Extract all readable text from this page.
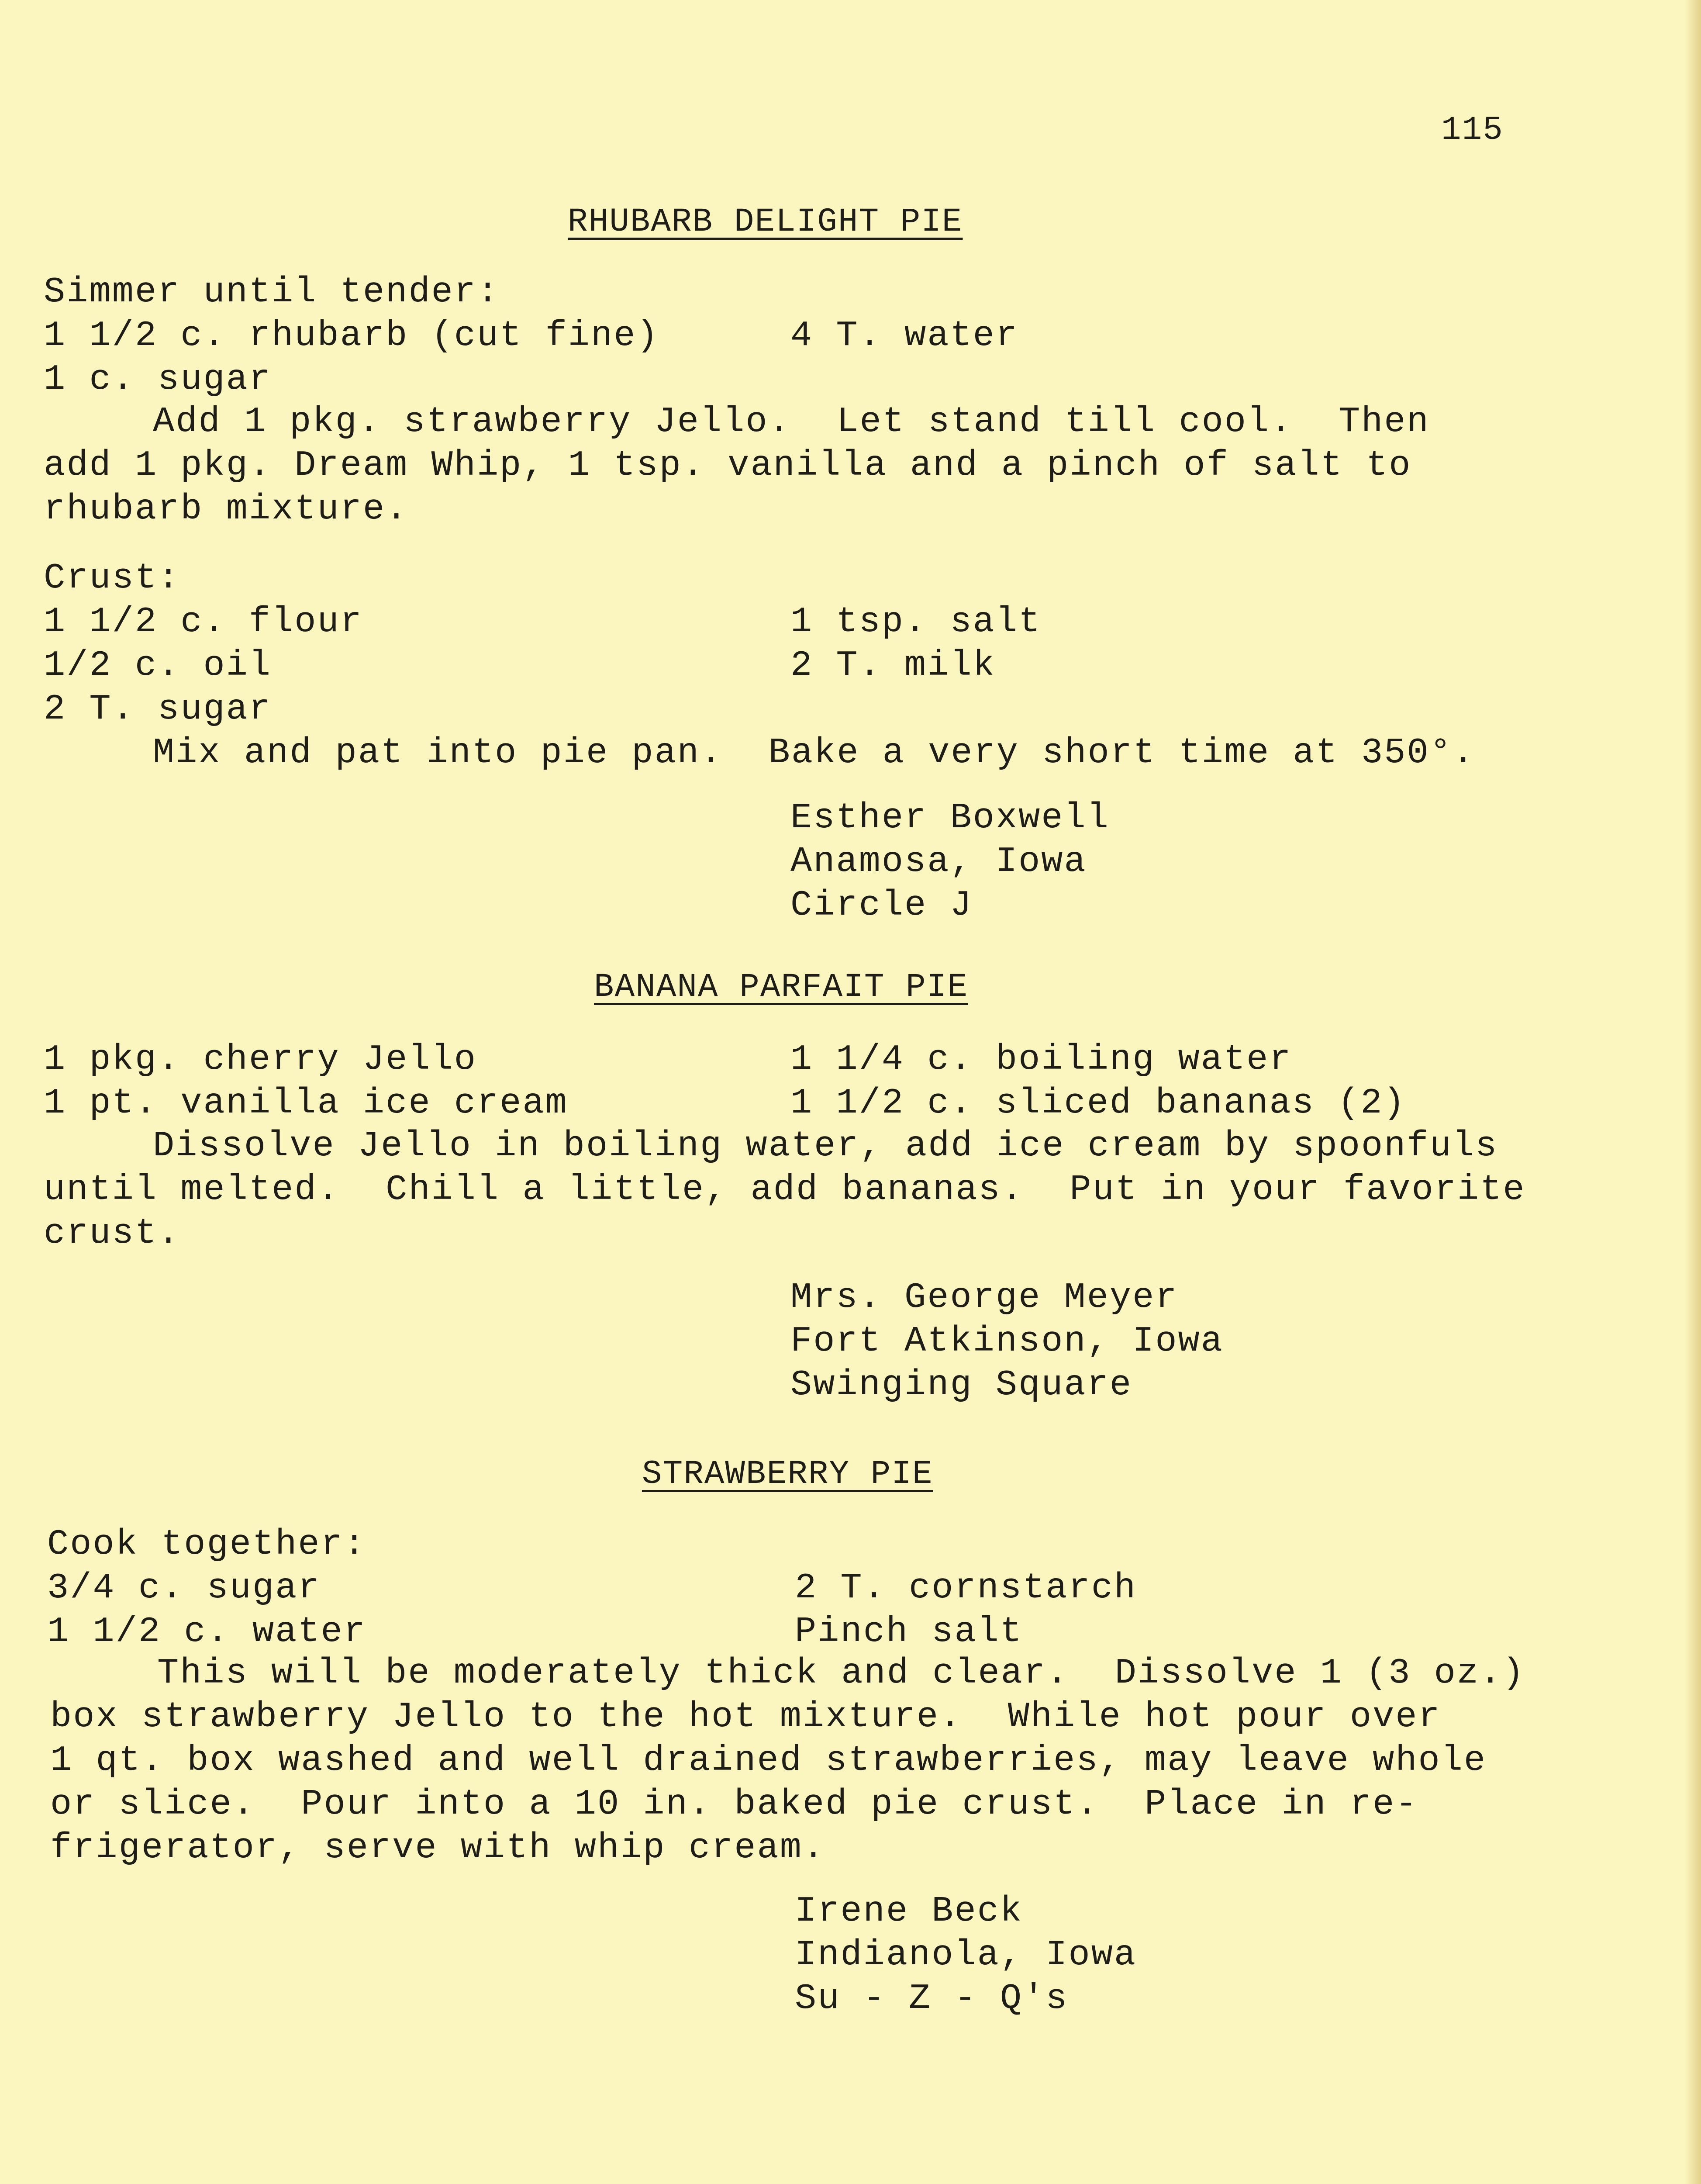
115
RHUBARB DELIGHT PIE
Simmer until tender:
1 1/2 c. rhubarb (cut fine)	4 T. water
1 c. sugar
Add 1 pkg. strawberry Jello.  Let stand till cool.  Then
add 1 pkg. Dream Whip, 1 tsp. vanilla and a pinch of salt to
rhubarb mixture.
Crust:
1 1/2 c. flour	1 tsp. salt
1/2 c. oil	2 T. milk
2 T. sugar
Mix and pat into pie pan.  Bake a very short time at 350°.
Esther Boxwell
Anamosa, Iowa
Circle J
BANANA PARFAIT PIE
1 pkg. cherry Jello	1 1/4 c. boiling water
1 pt. vanilla ice cream	1 1/2 c. sliced bananas (2)
Dissolve Jello in boiling water, add ice cream by spoonfuls
until melted.  Chill a little, add bananas.  Put in your favorite
crust.
Mrs. George Meyer
Fort Atkinson, Iowa
Swinging Square
STRAWBERRY PIE
Cook together:
3/4 c. sugar	2 T. cornstarch
1 1/2 c. water	Pinch salt
This will be moderately thick and clear.  Dissolve 1 (3 oz.)
box strawberry Jello to the hot mixture.  While hot pour over
1 qt. box washed and well drained strawberries, may leave whole
or slice.  Pour into a 10 in. baked pie crust.  Place in re-
frigerator, serve with whip cream.
Irene Beck
Indianola, Iowa
Su - Z - Q's
